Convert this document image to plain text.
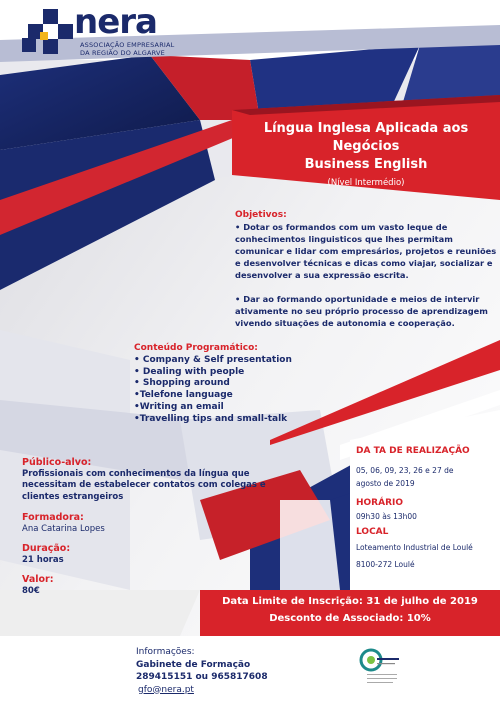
nera
ASSOCIAÇÃO EMPRESARIAL
DA REGIÃO DO ALGARVE
Língua Inglesa Aplicada aos Negócios
Business English
(Nível Intermédio)
Objetivos:
• Dotar os formandos com um vasto leque de conhecimentos linguisticos que lhes permitam comunicar e lidar com empresários, projetos e reuniões e desenvolver técnicas e dicas como viajar, socializar e desenvolver a sua expressão escrita.
• Dar ao formando oportunidade e meios de intervir ativamente no seu próprio processo de aprendizagem vivendo situações de autonomia e cooperação.
Conteúdo Programático:
• Company & Self presentation
• Dealing with people
• Shopping around
•Telefone language
•Writing an email
•Travelling tips and small-talk
Público-alvo:
Profissionais com conhecimentos da língua que necessitam de estabelecer contatos com colegas e clientes estrangeiros
Formadora:
Ana Catarina Lopes
Duração:
21 horas
Valor:
80€
DA TA DE REALIZAÇÃO
05, 06, 09, 23, 26 e 27 de
agosto de 2019
HORÁRIO
09h30 às 13h00
LOCAL
Loteamento Industrial de Loulé
8100-272 Loulé
Data Limite de Inscrição: 31 de julho de 2019
Desconto de Associado: 10%
Informações:
Gabinete de Formação
289415151 ou 965817608
gfo@nera.pt
